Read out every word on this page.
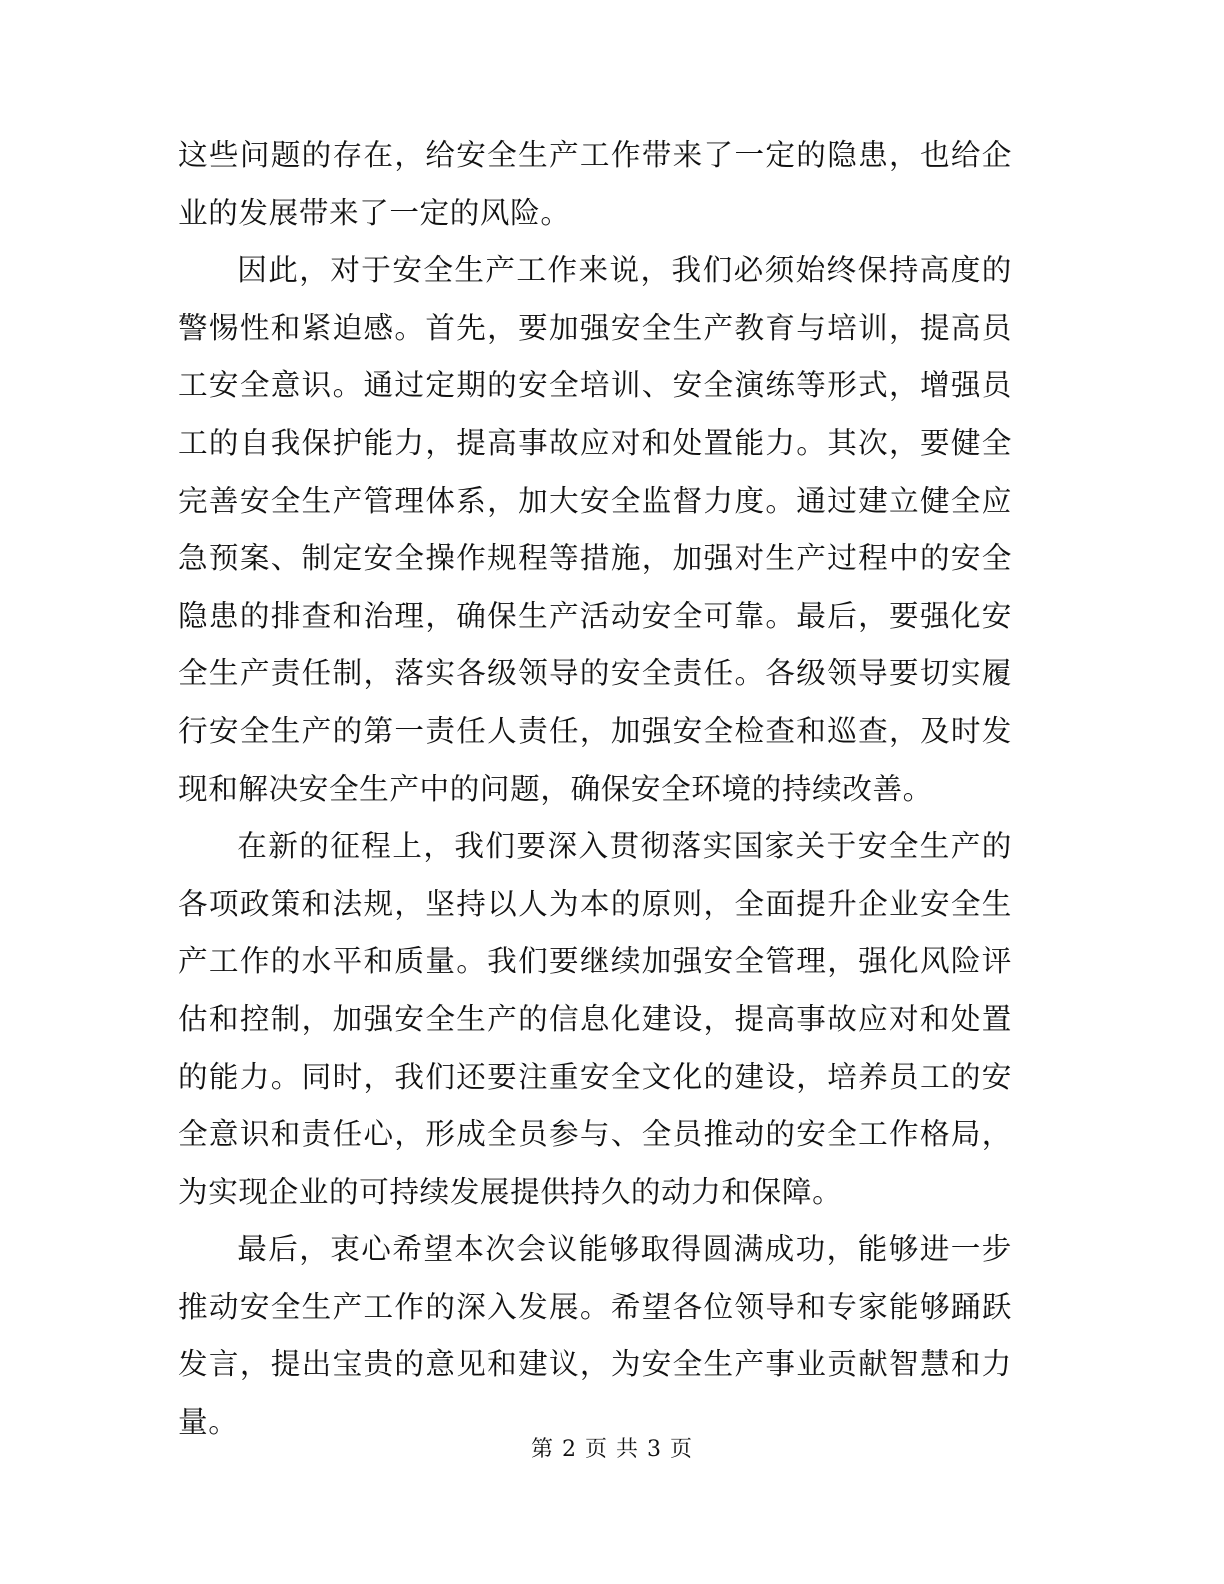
这些问题的存在，给安全生产工作带来了一定的隐患，也给企业的发展带来了一定的风险。

因此，对于安全生产工作来说，我们必须始终保持高度的警惕性和紧迫感。首先，要加强安全生产教育与培训，提高员工安全意识。通过定期的安全培训、安全演练等形式，增强员工的自我保护能力，提高事故应对和处置能力。其次，要健全完善安全生产管理体系，加大安全监督力度。通过建立健全应急预案、制定安全操作规程等措施，加强对生产过程中的安全隐患的排查和治理，确保生产活动安全可靠。最后，要强化安全生产责任制，落实各级领导的安全责任。各级领导要切实履行安全生产的第一责任人责任，加强安全检查和巡查，及时发现和解决安全生产中的问题，确保安全环境的持续改善。

在新的征程上，我们要深入贯彻落实国家关于安全生产的各项政策和法规，坚持以人为本的原则，全面提升企业安全生产工作的水平和质量。我们要继续加强安全管理，强化风险评估和控制，加强安全生产的信息化建设，提高事故应对和处置的能力。同时，我们还要注重安全文化的建设，培养员工的安全意识和责任心，形成全员参与、全员推动的安全工作格局，为实现企业的可持续发展提供持久的动力和保障。

最后，衷心希望本次会议能够取得圆满成功，能够进一步推动安全生产工作的深入发展。希望各位领导和专家能够踊跃发言，提出宝贵的意见和建议，为安全生产事业贡献智慧和力量。

第 2 页 共 3 页
